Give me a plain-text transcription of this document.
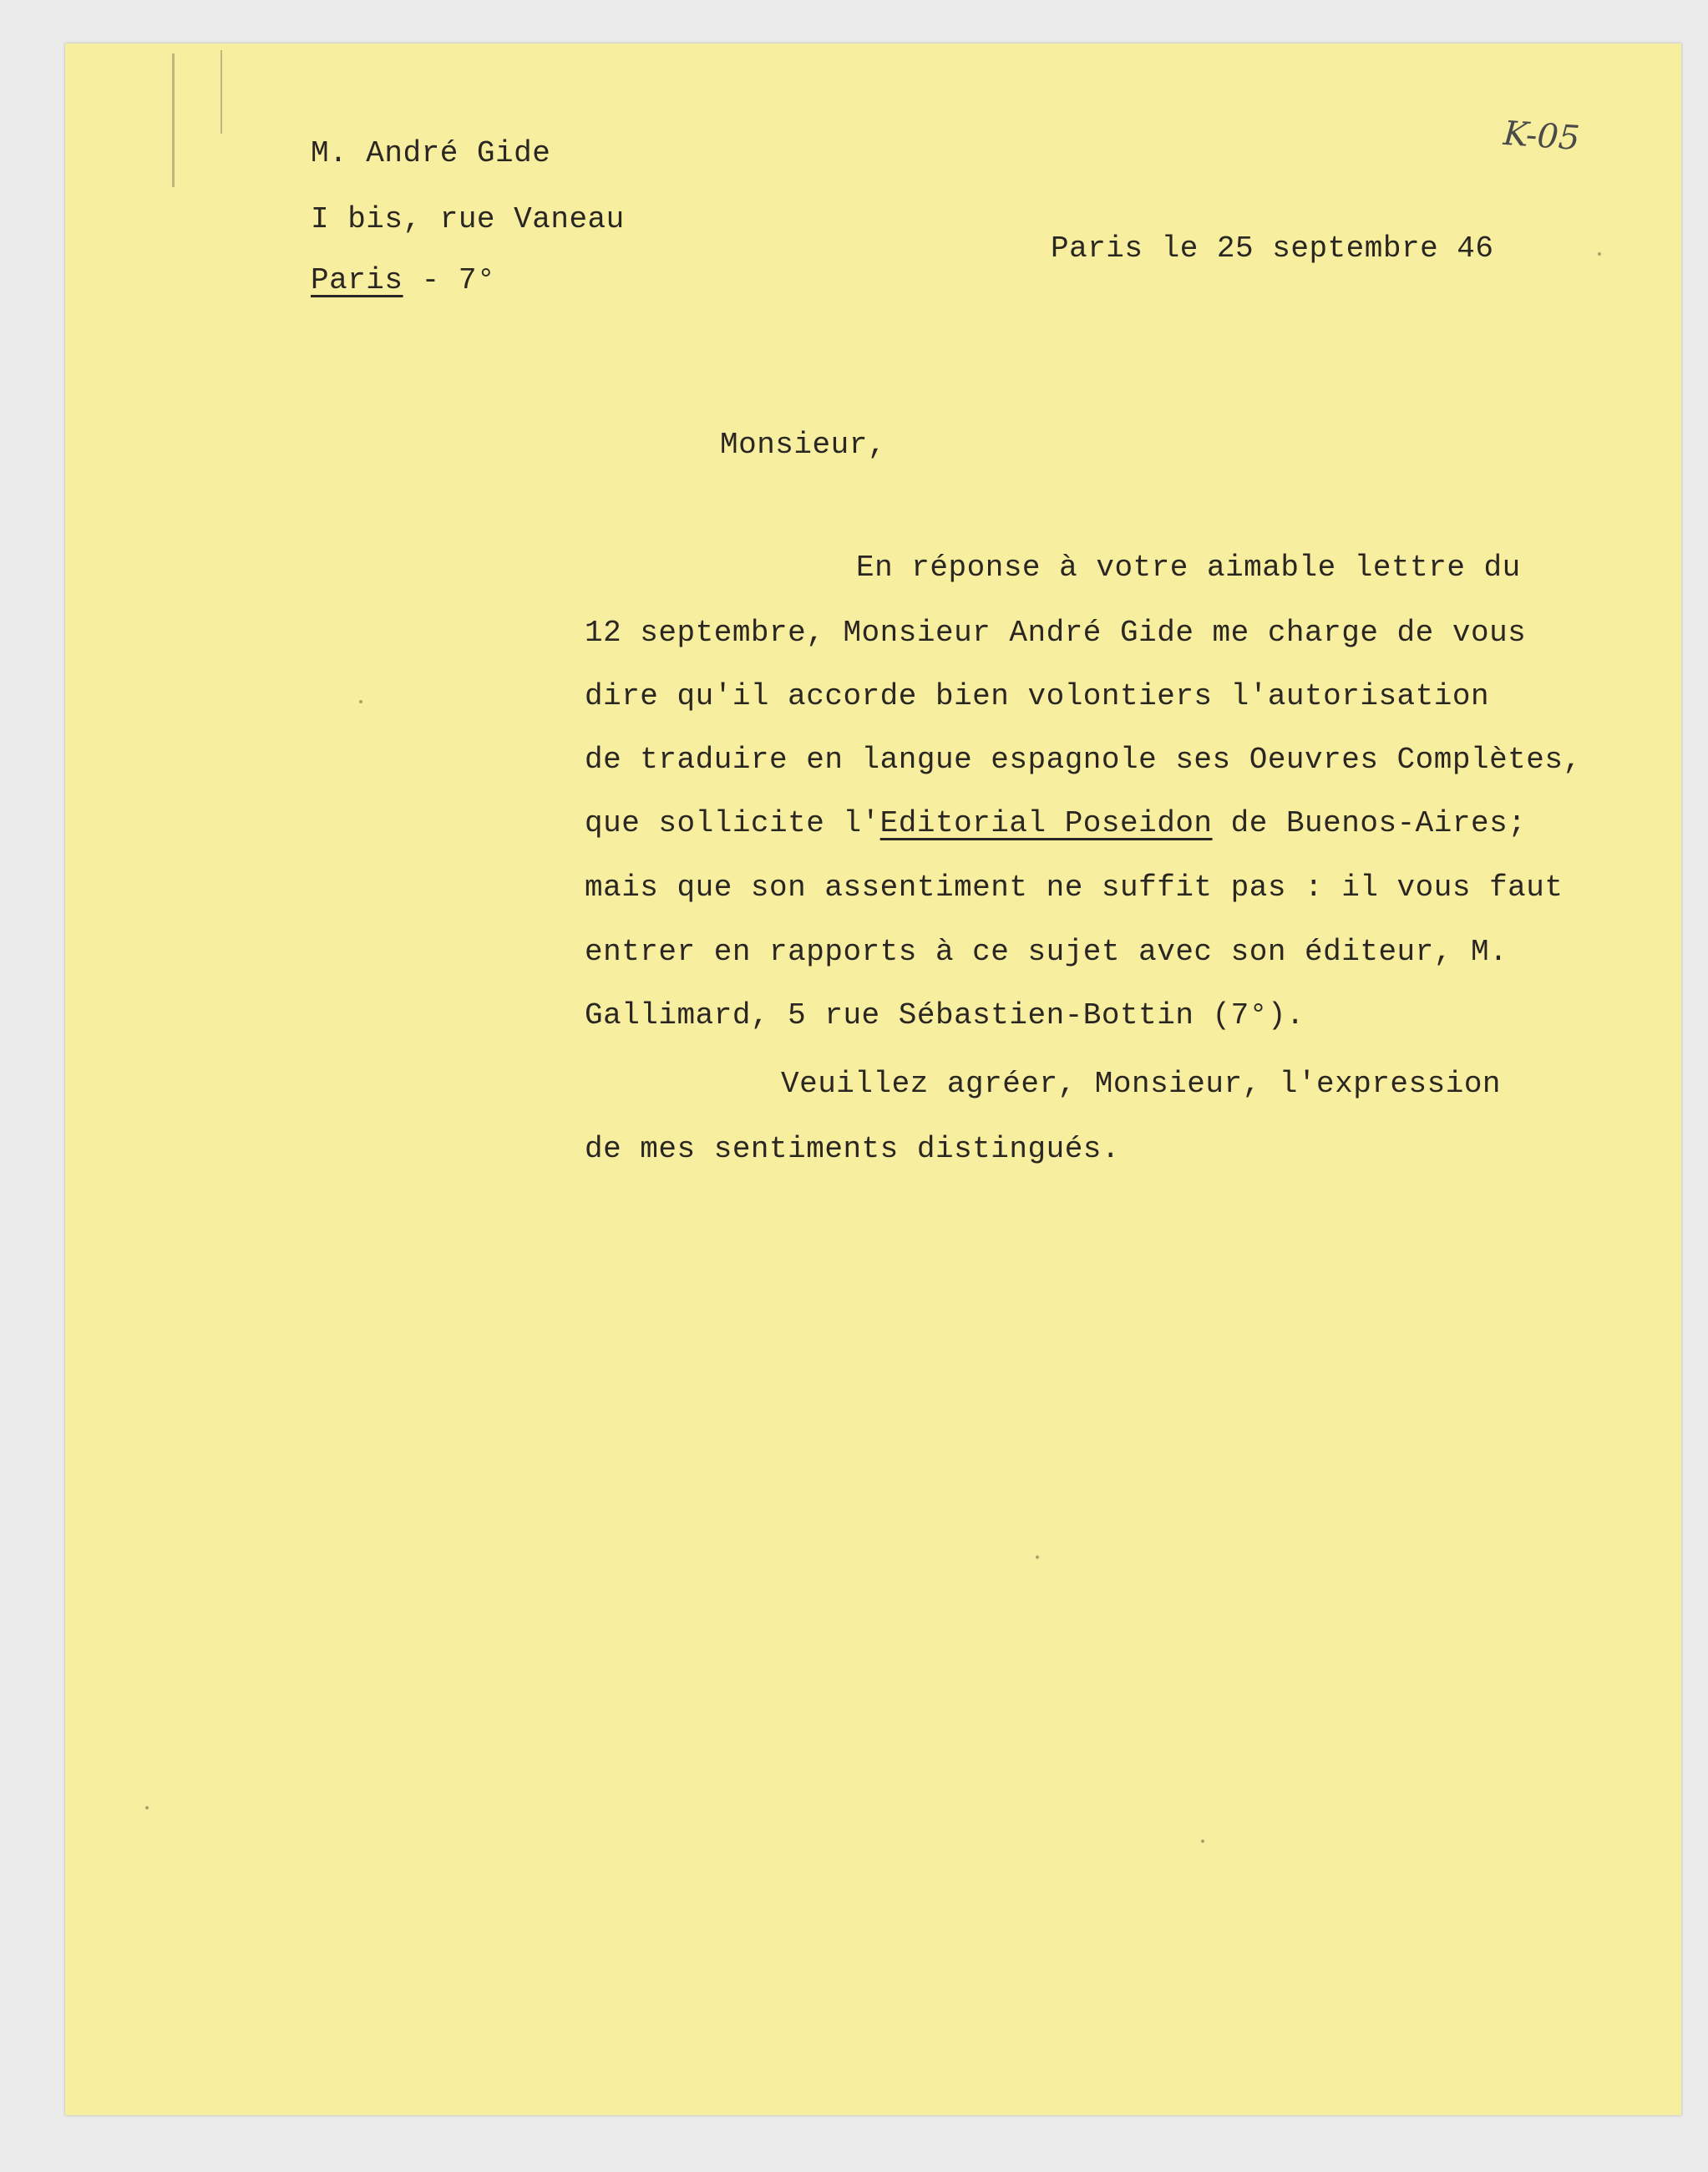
K-05
M. André Gide
I bis, rue Vaneau
Paris - 7°
Paris le 25 septembre 46
Monsieur,
En réponse à votre aimable lettre du
12 septembre, Monsieur André Gide me charge de vous
dire qu'il accorde bien volontiers l'autorisation
de traduire en langue espagnole ses Oeuvres Complètes,
que sollicite l'Editorial Poseidon de Buenos-Aires;
mais que son assentiment ne suffit pas : il vous faut
entrer en rapports à ce sujet avec son éditeur, M.
Gallimard, 5 rue Sébastien-Bottin (7°).
Veuillez agréer, Monsieur, l'expression
de mes sentiments distingués.
